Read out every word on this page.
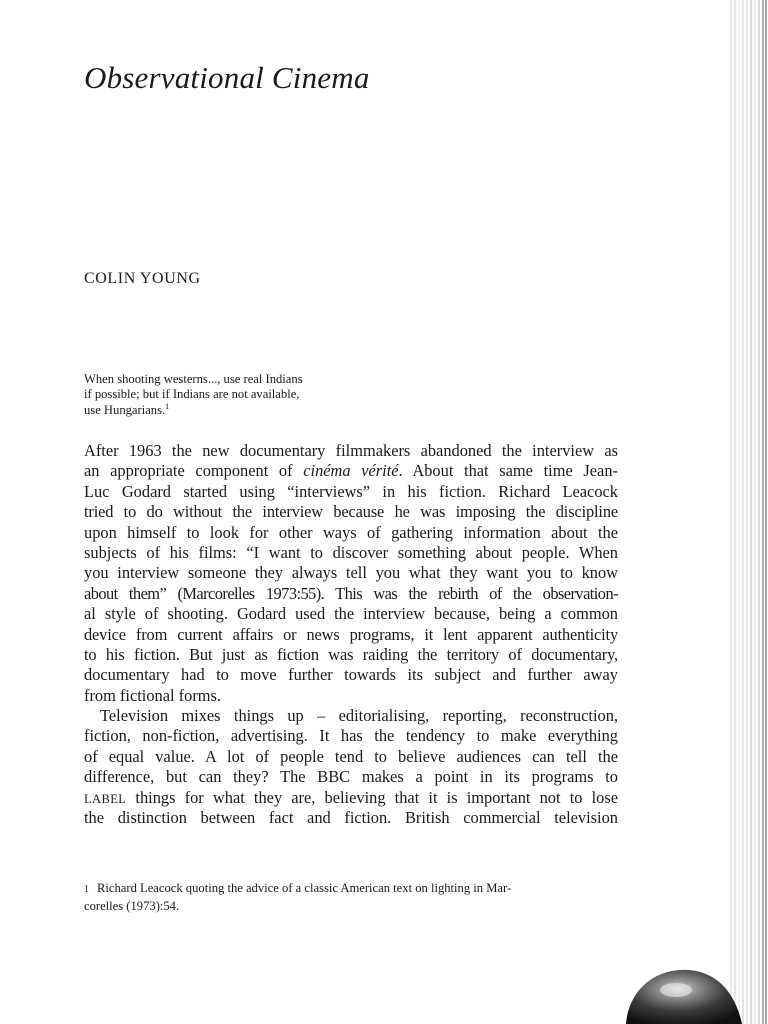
Observational Cinema
COLIN YOUNG
When shooting westerns..., use real Indians
if possible; but if Indians are not available,
use Hungarians.$^1$
After 1963 the new documentary filmmakers abandoned the interview as
an appropriate component of cinéma vérité. About that same time Jean-
Luc Godard started using “interviews” in his fiction. Richard Leacock
tried to do without the interview because he was imposing the discipline
upon himself to look for other ways of gathering information about the
subjects of his films: “I want to discover something about people. When
you interview someone they always tell you what they want you to know
about them” (Marcorelles 1973:55). This was the rebirth of the observation-
al style of shooting. Godard used the interview because, being a common
device from current affairs or news programs, it lent apparent authenticity
to his fiction. But just as fiction was raiding the territory of documentary,
documentary had to move further towards its subject and further away
from fictional forms.
Television mixes things up – editorialising, reporting, reconstruction,
fiction, non-fiction, advertising. It has the tendency to make everything
of equal value. A lot of people tend to believe audiences can tell the
difference, but can they? The BBC makes a point in its programs to
LABEL things for what they are, believing that it is important not to lose
the distinction between fact and fiction. British commercial television
1 Richard Leacock quoting the advice of a classic American text on lighting in Mar-
corelles (1973):54.
